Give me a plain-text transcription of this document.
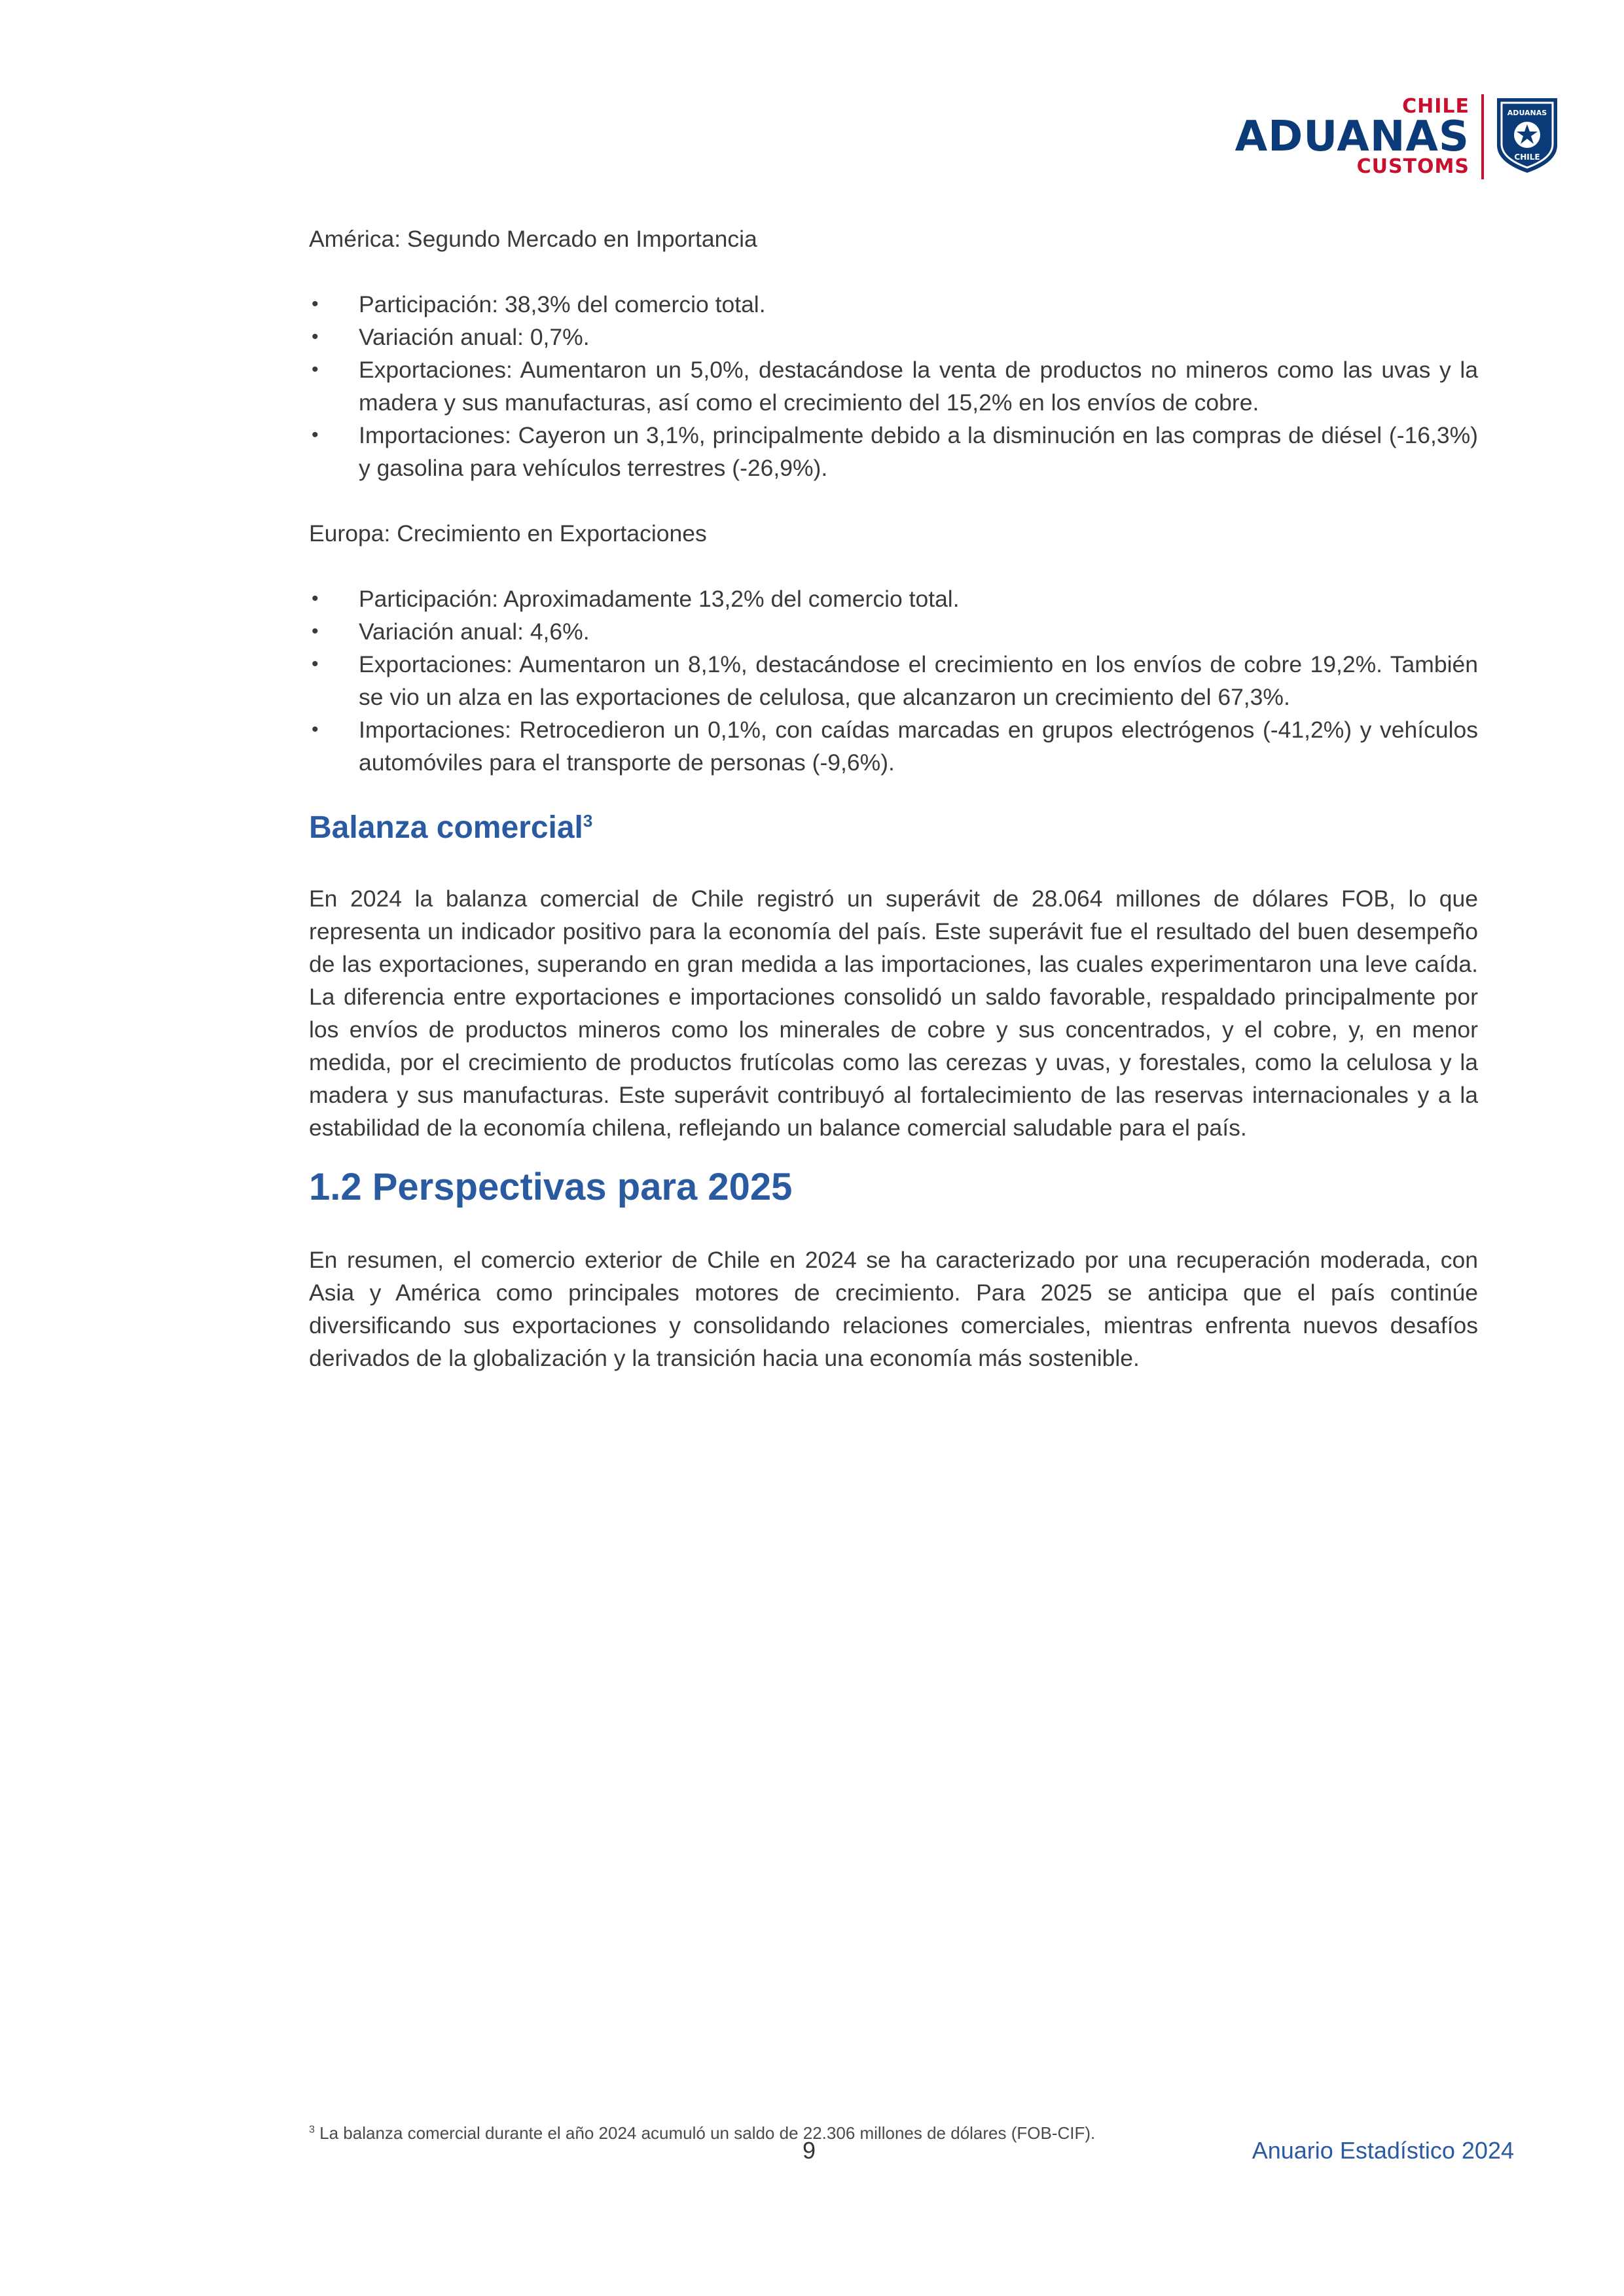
CHILE
ADUANAS
CUSTOMS
ADUANAS
CHILE

América: Segundo Mercado en Importancia

• Participación: 38,3% del comercio total.
• Variación anual: 0,7%.
• Exportaciones: Aumentaron un 5,0%, destacándose la venta de productos no mineros como las uvas y la madera y sus manufacturas, así como el crecimiento del 15,2% en los envíos de cobre.
• Importaciones: Cayeron un 3,1%, principalmente debido a la disminución en las compras de diésel (-16,3%) y gasolina para vehículos terrestres (-26,9%).

Europa: Crecimiento en Exportaciones

• Participación: Aproximadamente 13,2% del comercio total.
• Variación anual: 4,6%.
• Exportaciones: Aumentaron un 8,1%, destacándose el crecimiento en los envíos de cobre 19,2%. También se vio un alza en las exportaciones de celulosa, que alcanzaron un crecimiento del 67,3%.
• Importaciones: Retrocedieron un 0,1%, con caídas marcadas en grupos electrógenos (-41,2%) y vehículos automóviles para el transporte de personas (-9,6%).
Balanza comercial$^3$

En 2024 la balanza comercial de Chile registró un superávit de 28.064 millones de dólares FOB, lo que representa un indicador positivo para la economía del país. Este superávit fue el resultado del buen desempeño de las exportaciones, superando en gran medida a las importaciones, las cuales experimentaron una leve caída. La diferencia entre exportaciones e importaciones consolidó un saldo favorable, respaldado principalmente por los envíos de productos mineros como los minerales de cobre y sus concentrados, y el cobre, y, en menor medida, por el crecimiento de productos frutícolas como las cerezas y uvas, y forestales, como la celulosa y la madera y sus manufacturas. Este superávit contribuyó al fortalecimiento de las reservas internacionales y a la estabilidad de la economía chilena, reflejando un balance comercial saludable para el país.

1.2 Perspectivas para 2025

En resumen, el comercio exterior de Chile en 2024 se ha caracterizado por una recuperación moderada, con Asia y América como principales motores de crecimiento. Para 2025 se anticipa que el país continúe diversificando sus exportaciones y consolidando relaciones comerciales, mientras enfrenta nuevos desafíos derivados de la globalización y la transición hacia una economía más sostenible.

$^3$ La balanza comercial durante el año 2024 acumuló un saldo de 22.306 millones de dólares (FOB-CIF).
9	Anuario Estadístico 2024
